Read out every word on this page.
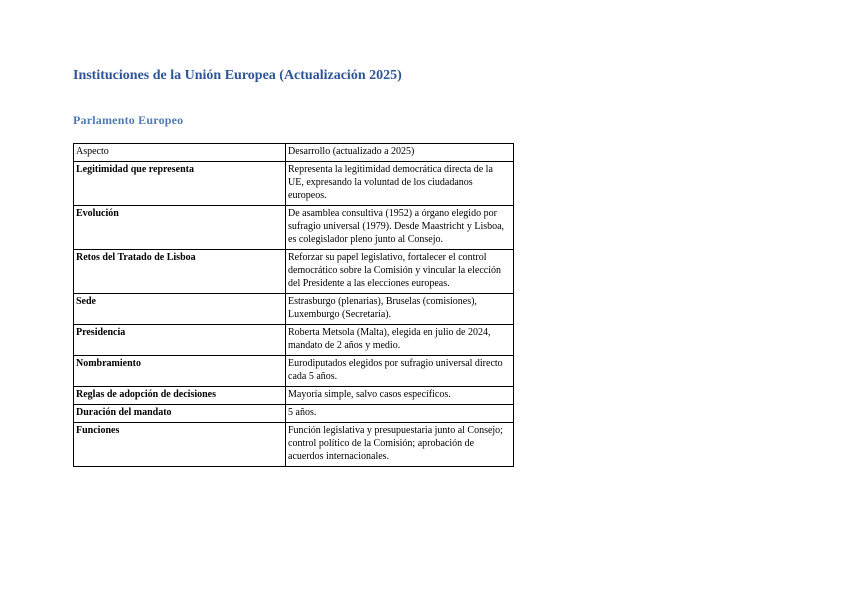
Instituciones de la Unión Europea (Actualización 2025)
Parlamento Europeo
Aspecto	Desarrollo (actualizado a 2025)
Legitimidad que representa	Representa la legitimidad democrática directa de la UE, expresando la voluntad de los ciudadanos europeos.
Evolución	De asamblea consultiva (1952) a órgano elegido por sufragio universal (1979). Desde Maastricht y Lisboa, es colegislador pleno junto al Consejo.
Retos del Tratado de Lisboa	Reforzar su papel legislativo, fortalecer el control democrático sobre la Comisión y vincular la elección del Presidente a las elecciones europeas.
Sede	Estrasburgo (plenarias), Bruselas (comisiones), Luxemburgo (Secretaría).
Presidencia	Roberta Metsola (Malta), elegida en julio de 2024, mandato de 2 años y medio.
Nombramiento	Eurodiputados elegidos por sufragio universal directo cada 5 años.
Reglas de adopción de decisiones	Mayoría simple, salvo casos específicos.
Duración del mandato	5 años.
Funciones	Función legislativa y presupuestaria junto al Consejo; control político de la Comisión; aprobación de acuerdos internacionales.
